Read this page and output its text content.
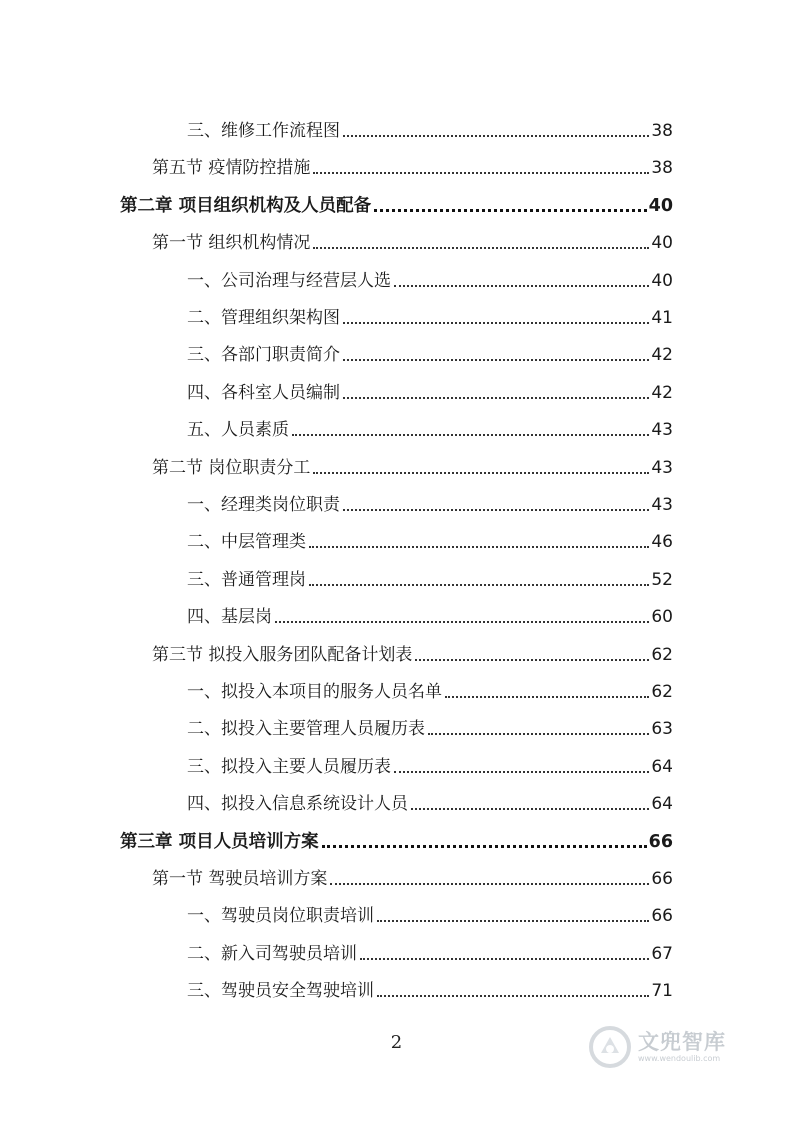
三、维修工作流程图	38
第五节 疫情防控措施	38
第二章 项目组织机构及人员配备	40
第一节 组织机构情况	40
一、公司治理与经营层人选	40
二、管理组织架构图	41
三、各部门职责简介	42
四、各科室人员编制	42
五、人员素质	43
第二节 岗位职责分工	43
一、经理类岗位职责	43
二、中层管理类	46
三、普通管理岗	52
四、基层岗	60
第三节 拟投入服务团队配备计划表	62
一、拟投入本项目的服务人员名单	62
二、拟投入主要管理人员履历表	63
三、拟投入主要人员履历表	64
四、拟投入信息系统设计人员	64
第三章 项目人员培训方案	66
第一节 驾驶员培训方案	66
一、驾驶员岗位职责培训	66
二、新入司驾驶员培训	67
三、驾驶员安全驾驶培训	71
2	文兜智库
www.wendoulib.com
